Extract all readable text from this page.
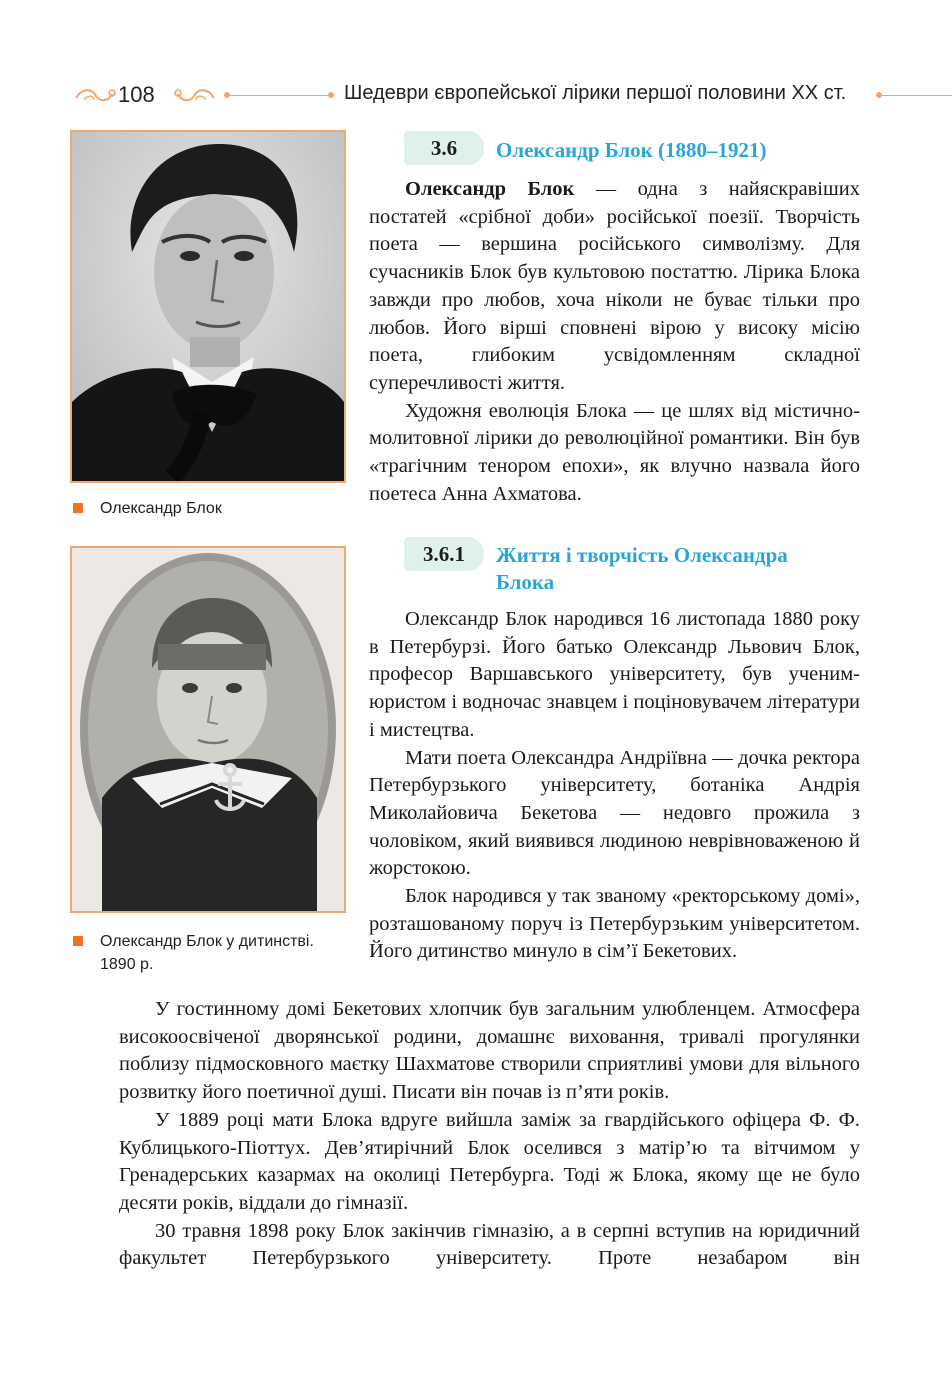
108	Шедеври європейської лірики першої половини XX ст.
Олександр Блок
Олександр Блок у дитинстві.
1890 р.
3.6	Олександр Блок (1880–1921)

Олександр Блок — одна з найяскравіших постатей «срібної доби» російської поезії. Творчість поета — вершина російського символізму. Для сучасників Блок був культовою постаттю. Лірика Блока завжди про любов, хоча ніколи не буває тільки про любов. Його вірші сповнені вірою у високу місію поета, глибоким усвідомленням складної суперечливості життя.

Художня еволюція Блока — це шлях від містично-молитовної лірики до революційної романтики. Він був «трагічним тенором епохи», як влучно назвала його поетеса Анна Ахматова.

3.6.1	Життя і творчість Олександра
Блока

Олександр Блок народився 16 листопада 1880 року в Петербурзі. Його батько Олександр Львович Блок, професор Варшавського університету, був ученим-юристом і водночас знавцем і поціновувачем літератури і мистецтва.

Мати поета Олександра Андріївна — дочка ректора Петербурзького університету, ботаніка Андрія Миколайовича Бекетова — недовго прожила з чоловіком, який виявився людиною неврівноваженою й жорстокою.

Блок народився у так званому «ректорському домі», розташованому поруч із Петербурзьким університетом. Його дитинство минуло в сім’ї Бекетових.

У гостинному домі Бекетових хлопчик був загальним улюбленцем. Атмосфера високоосвіченої дворянської родини, домашнє виховання, тривалі прогулянки поблизу підмосковного маєтку Шахматове створили сприятливі умови для вільного розвитку його поетичної душі. Писати він почав із п’яти років.

У 1889 році мати Блока вдруге вийшла заміж за гвардійського офіцера Ф. Ф. Кублицького-Піоттух. Дев’ятирічний Блок оселився з матір’ю та вітчимом у Гренадерських казармах на околиці Петербурга. Тоді ж Блока, якому ще не було десяти років, віддали до гімназії.

30 травня 1898 року Блок закінчив гімназію, а в серпні вступив на юридичний факультет Петербурзького університету. Проте незабаром він
